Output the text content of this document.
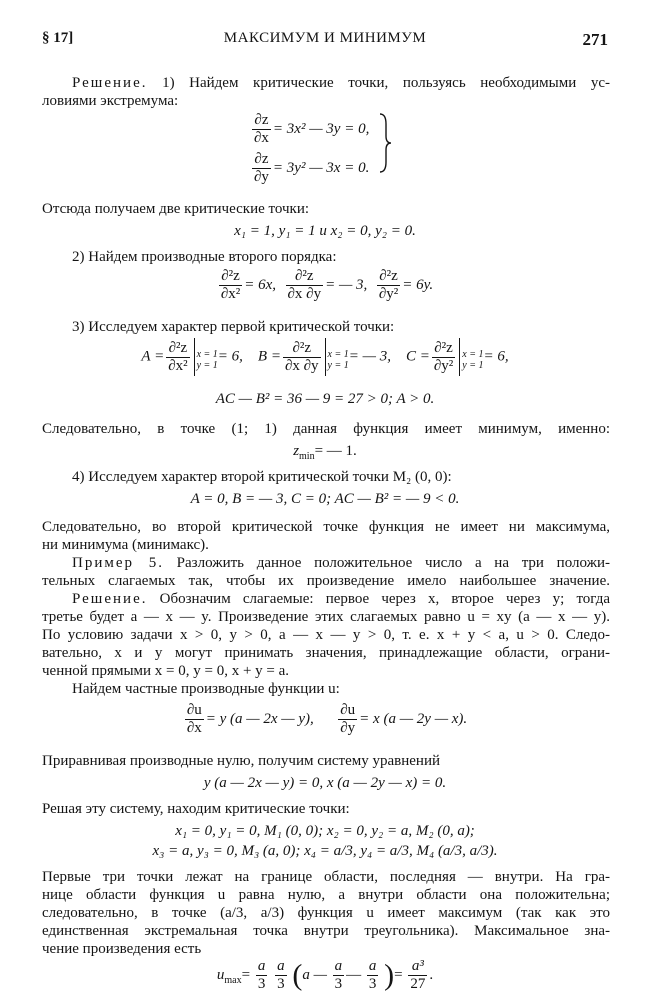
§ 17]	МАКСИМУМ И МИНИМУМ	271
Решение. 1) Найдем критические точки, пользуясь необходимыми ус-
ловиями экстремума:
$\frac{\partial z}{\partial x} = 3x^2$ — 3y = 0,
$\frac{\partial z}{\partial y} = 3y^2$ — 3x = 0.
Отсюда получаем две критические точки:
x₁ = 1, y₁ = 1 и x₂ = 0, y₂ = 0.
2) Найдем производные второго порядка:
$\frac{\text{∂²z}}{\text{∂x²}} = 6x$, $\frac{\text{∂²z}}{\partial x \partial y}$ = — 3, $\frac{\text{∂²z}}{\text{∂y²}} = 6y$.
3) Исследуем характер первой критической точки:
$A = \frac{\text{∂²z}}{\text{∂x²}}$
x = 1
y = 1
= 6, $B = \frac{\text{∂²z}}{\partial x \partial y}$
x = 1
y = 1
= — 3, $C = \frac{\text{∂²z}}{\text{∂y²}}$
x = 1
y = 1
= 6,
AC — B² = 36 — 9 = 27 > 0; A > 0.
Следовательно, в точке (1; 1) данная функция имеет минимум, именно:
$z_{min}=$ — 1.
4) Исследуем характер второй критической точки M₂ (0, 0):
A = 0, B = — 3, C = 0; AC — B² = — 9 < 0.
Следовательно, во второй критической точке функция не имеет ни максимума,
ни минимума (минимакс).
Пример 5. Разложить данное положительное число a на три положи-
тельных слагаемых так, чтобы их произведение имело наибольшее значение.
Решение. Обозначим слагаемые: первое через x, второе через y; тогда
третье будет a — x — y. Произведение этих слагаемых равно u = xy (a — x — y).
По условию задачи x > 0, y > 0, a — x — y > 0, т. е. x + y < a, u > 0. Следо-
вательно, x и y могут принимать значения, принадлежащие области, ограни-
ченной прямыми x = 0, y = 0, x + y = a.
Найдем частные производные функции u:
$\frac{\partial u}{\partial x} = y$ (a — 2x — y), $\frac{\partial u}{\partial y} = x$ (a — 2y — x).
Приравнивая производные нулю, получим систему уравнений
y (a — 2x — y) = 0, x (a — 2y — x) = 0.
Решая эту систему, находим критические точки:
x₁ = 0, y₁ = 0, M₁ (0, 0); x₂ = 0, y₂ = a, M₂ (0, a);
x₃ = a, y₃ = 0, M₃ (a, 0); x₄ = a/3, y₄ = a/3, M₄ (a/3, a/3).
Первые три точки лежат на границе области, последняя — внутри. На гра-
нице области функция u равна нулю, а внутри области она положительна;
следовательно, в точке (a/3, a/3) функция u имеет максимум (так как это
единственная экстремальная точка внутри треугольника). Максимальное зна-
чение произведения есть
$u_{max}= \frac{a}{3}$
$\frac{a}{3} (a$ — $\frac{a}{3}$ — $\frac{a}{3}$ )= $\frac{\text{a³}}{27}$ .
